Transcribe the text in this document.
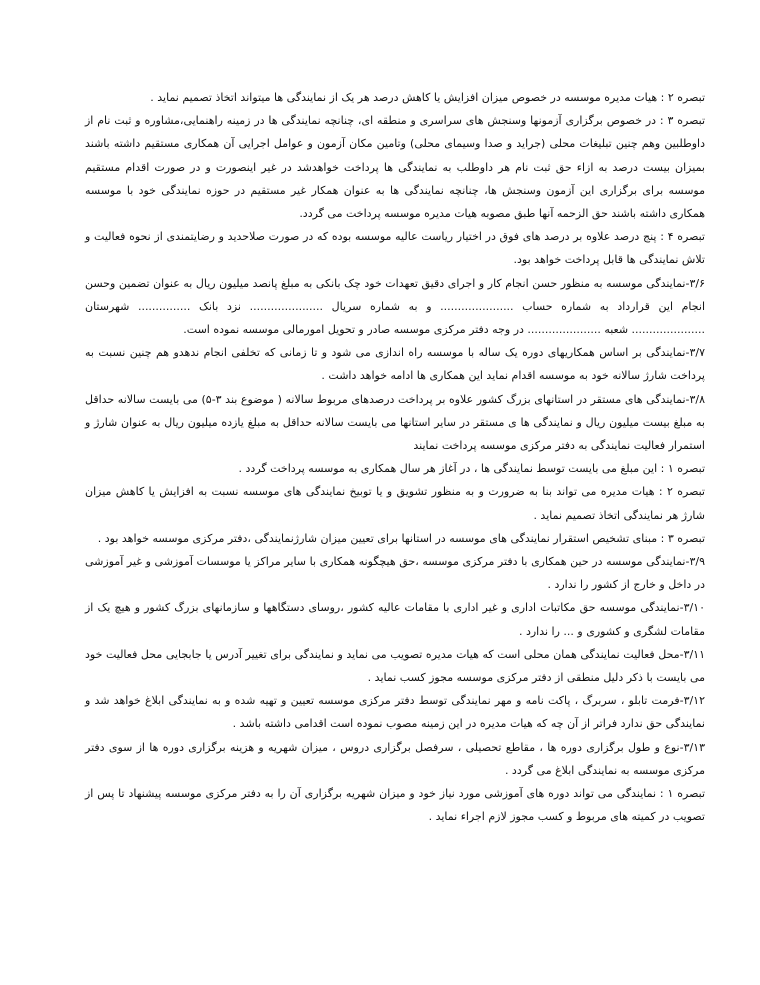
تبصره ۲ : هیات مدیره موسسه در خصوص میزان افزایش یا کاهش درصد هر یک از نمایندگی ها میتواند اتخاذ تصمیم نماید .

تبصره ۳ : در خصوص برگزاری آزمونها وسنجش های سراسری و منطقه ای، چنانچه نمایندگی ها در زمینه راهنمایی،مشاوره و ثبت نام از داوطلبین وهم چنین تبلیغات محلی (جراید و صدا وسیمای محلی) وتامین مکان آزمون و عوامل اجرایی آن همکاری مستقیم داشته باشند بمیزان بیست درصد به ازاء حق ثبت نام هر داوطلب به نمایندگی ها پرداخت خواهدشد در غیر اینصورت و در صورت اقدام مستقیم موسسه برای برگزاری این آزمون وسنجش ها، چنانچه نمایندگی ها به عنوان همکار غیر مستقیم در حوزه نمایندگی خود با موسسه همکاری داشته باشند حق الزحمه آنها طبق مصوبه هیات مدیره موسسه پرداخت می گردد.

تبصره ۴ : پنج درصد علاوه بر درصد های فوق در اختیار ریاست عالیه موسسه بوده که در صورت صلاحدید و رضایتمندی از نحوه فعالیت و تلاش نمایندگی ها قابل پرداخت خواهد بود.

۳/۶-نمایندگی موسسه به منظور حسن انجام کار و اجرای دقیق تعهدات خود چک بانکی به مبلغ پانصد میلیون ریال به عنوان تضمین وحسن انجام این قرارداد به شماره حساب ..................... و به شماره سریال ..................... نزد بانک ............... شهرستان ..................... شعبه ..................... در وجه دفتر مرکزی موسسه صادر و تحویل امورمالی موسسه نموده است.

۳/۷-نمایندگی بر اساس همکاریهای دوره یک ساله با موسسه راه اندازی می شود و تا زمانی که تخلفی انجام ندهدو هم چنین نسبت به پرداخت شارژ سالانه خود به موسسه اقدام نماید این همکاری ها ادامه خواهد داشت .

۳/۸-نمایندگی های مستقر در استانهای بزرگ کشور علاوه بر پرداخت درصدهای مربوط سالانه ( موضوع بند ۳-۵) می بایست سالانه حداقل به مبلغ بیست میلیون ریال و نمایندگی ها ی مستقر در سایر استانها می بایست سالانه حداقل به مبلغ یازده میلیون ریال به عنوان شارژ و استمرار فعالیت نمایندگی به دفتر مرکزی موسسه پرداخت نمایند

تبصره ۱ : این مبلغ می بایست توسط نمایندگی ها ، در آغاز هر سال همکاری به موسسه پرداخت گردد .

تبصره ۲ : هیات مدیره می تواند بنا به ضرورت و به منظور تشویق و یا توبیخ نمایندگی های موسسه نسبت به افزایش یا کاهش میزان شارژ هر نمایندگی اتخاذ تصمیم نماید .

تبصره ۳ : مبنای تشخیص استقرار نمایندگی های موسسه در استانها برای تعیین میزان شارژنمایندگی ،دفتر مرکزی موسسه خواهد بود .

۳/۹-نمایندگی موسسه در حین همکاری با دفتر مرکزی موسسه ،حق هیچگونه همکاری با سایر مراکز یا موسسات آموزشی و غیر آموزشی در داخل و خارج از کشور را ندارد .

۳/۱۰-نمایندگی موسسه حق مکاتبات اداری و غیر اداری با مقامات عالیه کشور ،روسای دستگاهها و سازمانهای بزرگ کشور و هیچ یک از مقامات لشگری و کشوری و ... را ندارد .

۳/۱۱-محل فعالیت نمایندگی همان محلی است که هیات مدیره تصویب می نماید و نمایندگی برای تغییر آدرس یا جابجایی محل فعالیت خود می بایست با ذکر دلیل منطقی از دفتر مرکزی موسسه مجوز کسب نماید .

۳/۱۲-فرمت تابلو ، سربرگ ، پاکت نامه و مهر نمایندگی توسط دفتر مرکزی موسسه تعیین و تهیه شده و به نمایندگی ابلاغ خواهد شد و نمایندگی حق ندارد فراتر از آن چه که هیات مدیره در این زمینه مصوب نموده است اقدامی داشته باشد .

۳/۱۳-نوع و طول برگزاری دوره ها ، مقاطع تحصیلی ، سرفصل برگزاری دروس ، میزان شهریه و هزینه برگزاری دوره ها از سوی دفتر مرکزی موسسه به نمایندگی ابلاغ می گردد .

تبصره ۱ : نمایندگی می تواند دوره های آموزشی مورد نیاز خود و میزان شهریه برگزاری آن را به دفتر مرکزی موسسه پیشنهاد تا پس از تصویب در کمیته های مربوط و کسب مجوز لازم اجراء نماید .
